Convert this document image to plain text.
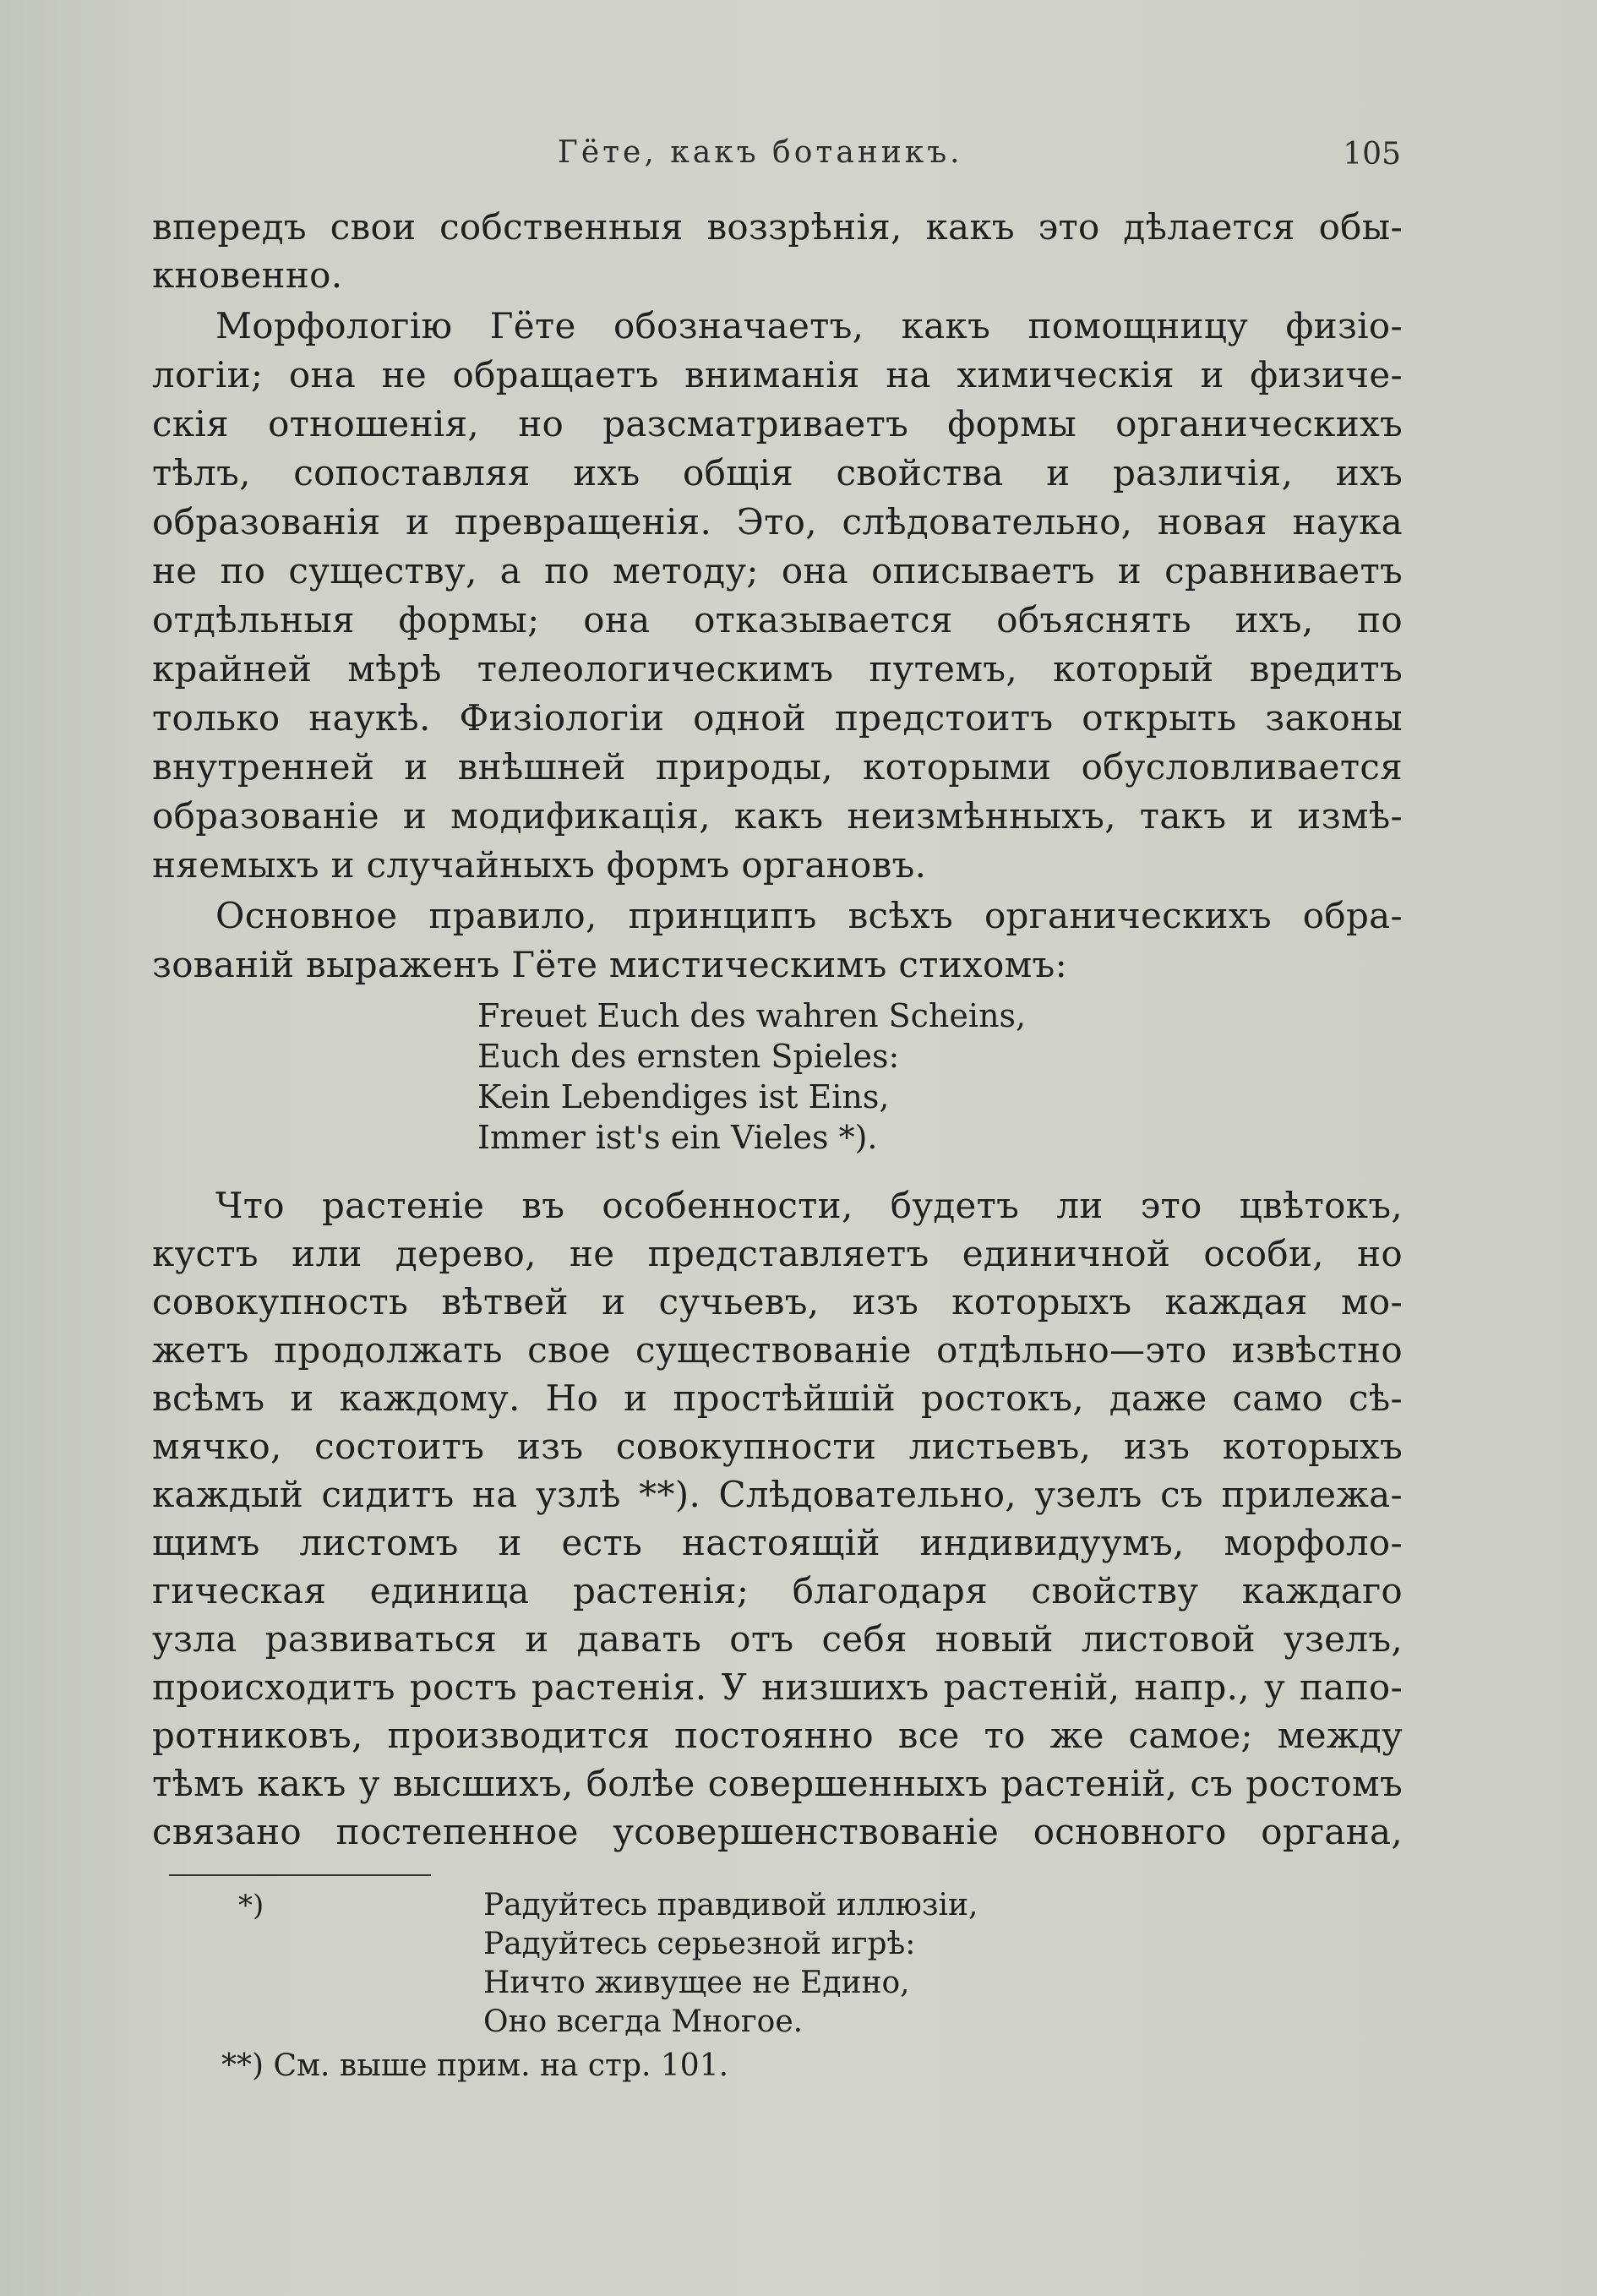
Гёте, какъ ботаникъ.	105
впередъ свои собственныя воззрѣнія, какъ это дѣлается обы-
кновенно.
Морфологію Гёте обозначаетъ, какъ помощницу физіо-
логіи; она не обращаетъ вниманія на химическія и физиче-
скія отношенія, но разсматриваетъ формы органическихъ
тѣлъ, сопоставляя ихъ общія свойства и различія, ихъ
образованія и превращенія. Это, слѣдовательно, новая наука
не по существу, а по методу; она описываетъ и сравниваетъ
отдѣльныя формы; она отказывается объяснять ихъ, по
крайней мѣрѣ телеологическимъ путемъ, который вредитъ
только наукѣ. Физіологіи одной предстоитъ открыть законы
внутренней и внѣшней природы, которыми обусловливается
образованіе и модификація, какъ неизмѣнныхъ, такъ и измѣ-
няемыхъ и случайныхъ формъ органовъ.
Основное правило, принципъ всѣхъ органическихъ обра-
зованій выраженъ Гёте мистическимъ стихомъ:
Freuet Euch des wahren Scheins,
Euch des ernsten Spieles:
Kein Lebendiges ist Eins,
Immer ist's ein Vieles *).
Что растеніе въ особенности, будетъ ли это цвѣтокъ,
кустъ или дерево, не представляетъ единичной особи, но
совокупность вѣтвей и сучьевъ, изъ которыхъ каждая мо-
жетъ продолжать свое существованіе отдѣльно—это извѣстно
всѣмъ и каждому. Но и простѣйшій ростокъ, даже само сѣ-
мячко, состоитъ изъ совокупности листьевъ, изъ которыхъ
каждый сидитъ на узлѣ **). Слѣдовательно, узелъ съ прилежа-
щимъ листомъ и есть настоящій индивидуумъ, морфоло-
гическая единица растенія; благодаря свойству каждаго
узла развиваться и давать отъ себя новый листовой узелъ,
происходитъ ростъ растенія. У низшихъ растеній, напр., у папо-
ротниковъ, производится постоянно все то же самое; между
тѣмъ какъ у высшихъ, болѣе совершенныхъ растеній, съ ростомъ
связано постепенное усовершенствованіе основного органа,
*)	Радуйтесь правдивой иллюзіи,
Радуйтесь серьезной игрѣ:
Ничто живущее не Едино,
Оно всегда Многое.
**) См. выше прим. на стр. 101.
